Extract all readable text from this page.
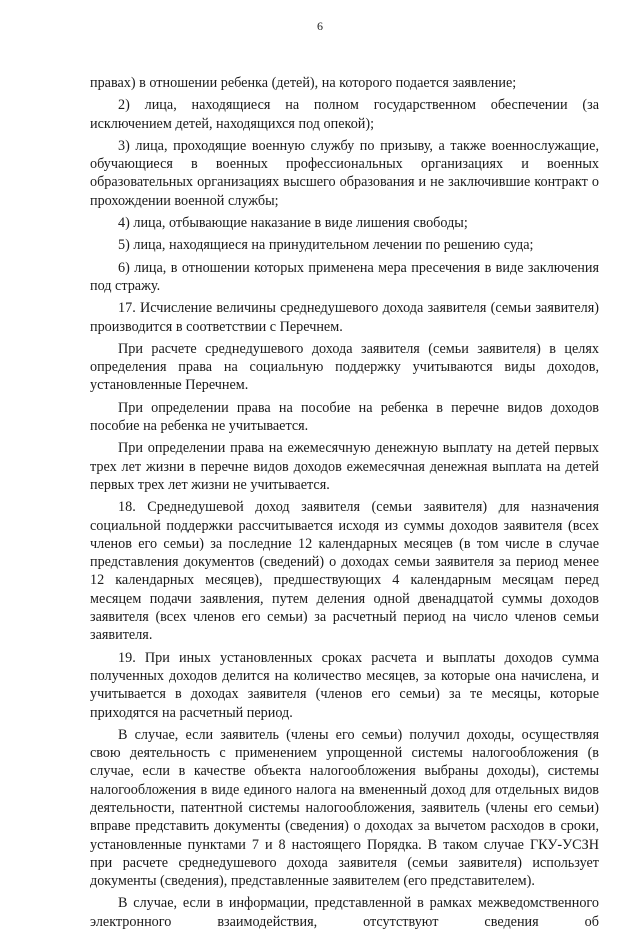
6

правах) в отношении ребенка (детей), на которого подается заявление;

2) лица, находящиеся на полном государственном обеспечении (за исключением детей, находящихся под опекой);

3) лица, проходящие военную службу по призыву, а также военнослужащие, обучающиеся в военных профессиональных организациях и военных образовательных организациях высшего образования и не заключившие контракт о прохождении военной службы;

4) лица, отбывающие наказание в виде лишения свободы;

5) лица, находящиеся на принудительном лечении по решению суда;

6) лица, в отношении которых применена мера пресечения в виде заключения под стражу.

17. Исчисление величины среднедушевого дохода заявителя (семьи заявителя) производится в соответствии с Перечнем.

При расчете среднедушевого дохода заявителя (семьи заявителя) в целях определения права на социальную поддержку учитываются виды доходов, установленные Перечнем.

При определении права на пособие на ребенка в перечне видов доходов пособие на ребенка не учитывается.

При определении права на ежемесячную денежную выплату на детей первых трех лет жизни в перечне видов доходов ежемесячная денежная выплата на детей первых трех лет жизни не учитывается.

18. Среднедушевой доход заявителя (семьи заявителя) для назначения социальной поддержки рассчитывается исходя из суммы доходов заявителя (всех членов его семьи) за последние 12 календарных месяцев (в том числе в случае представления документов (сведений) о доходах семьи заявителя за период менее 12 календарных месяцев), предшествующих 4 календарным месяцам перед месяцем подачи заявления, путем деления одной двенадцатой суммы доходов заявителя (всех членов его семьи) за расчетный период на число членов семьи заявителя.

19. При иных установленных сроках расчета и выплаты доходов сумма полученных доходов делится на количество месяцев, за которые она начислена, и учитывается в доходах заявителя (членов его семьи) за те месяцы, которые приходятся на расчетный период.

В случае, если заявитель (члены его семьи) получил доходы, осуществляя свою деятельность с применением упрощенной системы налогообложения (в случае, если в качестве объекта налогообложения выбраны доходы), системы налогообложения в виде единого налога на вмененный доход для отдельных видов деятельности, патентной системы налогообложения, заявитель (члены его семьи) вправе представить документы (сведения) о доходах за вычетом расходов в сроки, установленные пунктами 7 и 8 настоящего Порядка. В таком случае ГКУ-УСЗН при расчете среднедушевого дохода заявителя (семьи заявителя) использует документы (сведения), представленные заявителем (его представителем).

В случае, если в информации, представленной в рамках межведомственного электронного взаимодействия, отсутствуют сведения об
